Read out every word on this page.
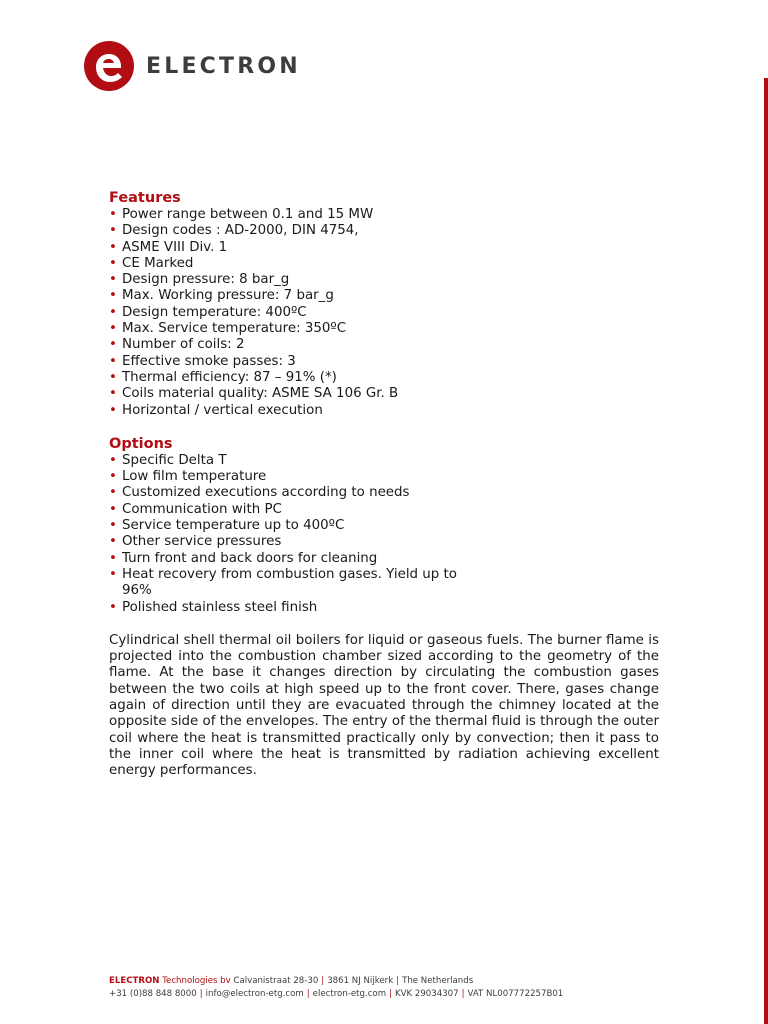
ELECTRON
Features
• Power range between 0.1 and 15 MW
• Design codes : AD-2000, DIN 4754,
• ASME VIII Div. 1
• CE Marked
• Design pressure: 8 bar_g
• Max. Working pressure: 7 bar_g
• Design temperature: 400ºC
• Max. Service temperature: 350ºC
• Number of coils: 2
• Effective smoke passes: 3
• Thermal efficiency: 87 – 91% (*)
• Coils material quality: ASME SA 106 Gr. B
• Horizontal / vertical execution
Options
• Specific Delta T
• Low film temperature
• Customized executions according to needs
• Communication with PC
• Service temperature up to 400ºC
• Other service pressures
• Turn front and back doors for cleaning
• Heat recovery from combustion gases. Yield up to 96%
• Polished stainless steel finish

Cylindrical shell thermal oil boilers for liquid or gaseous fuels. The burner flame is projected into the combustion chamber sized according to the geometry of the flame. At the base it changes direction by circulating the combustion gases between the two coils at high speed up to the front cover. There, gases change again of direction until they are evacuated through the chimney located at the opposite side of the envelopes. The entry of the thermal fluid is through the outer coil where the heat is transmitted practically only by convection; then it pass to the inner coil where the heat is transmitted by radiation achieving excellent energy performances.

ELECTRON Technologies bv Calvanistraat 28-30 | 3861 NJ Nijkerk | The Netherlands
+31 (0)88 848 8000 | info@electron-etg.com | electron-etg.com | KVK 29034307 | VAT NL007772257B01
